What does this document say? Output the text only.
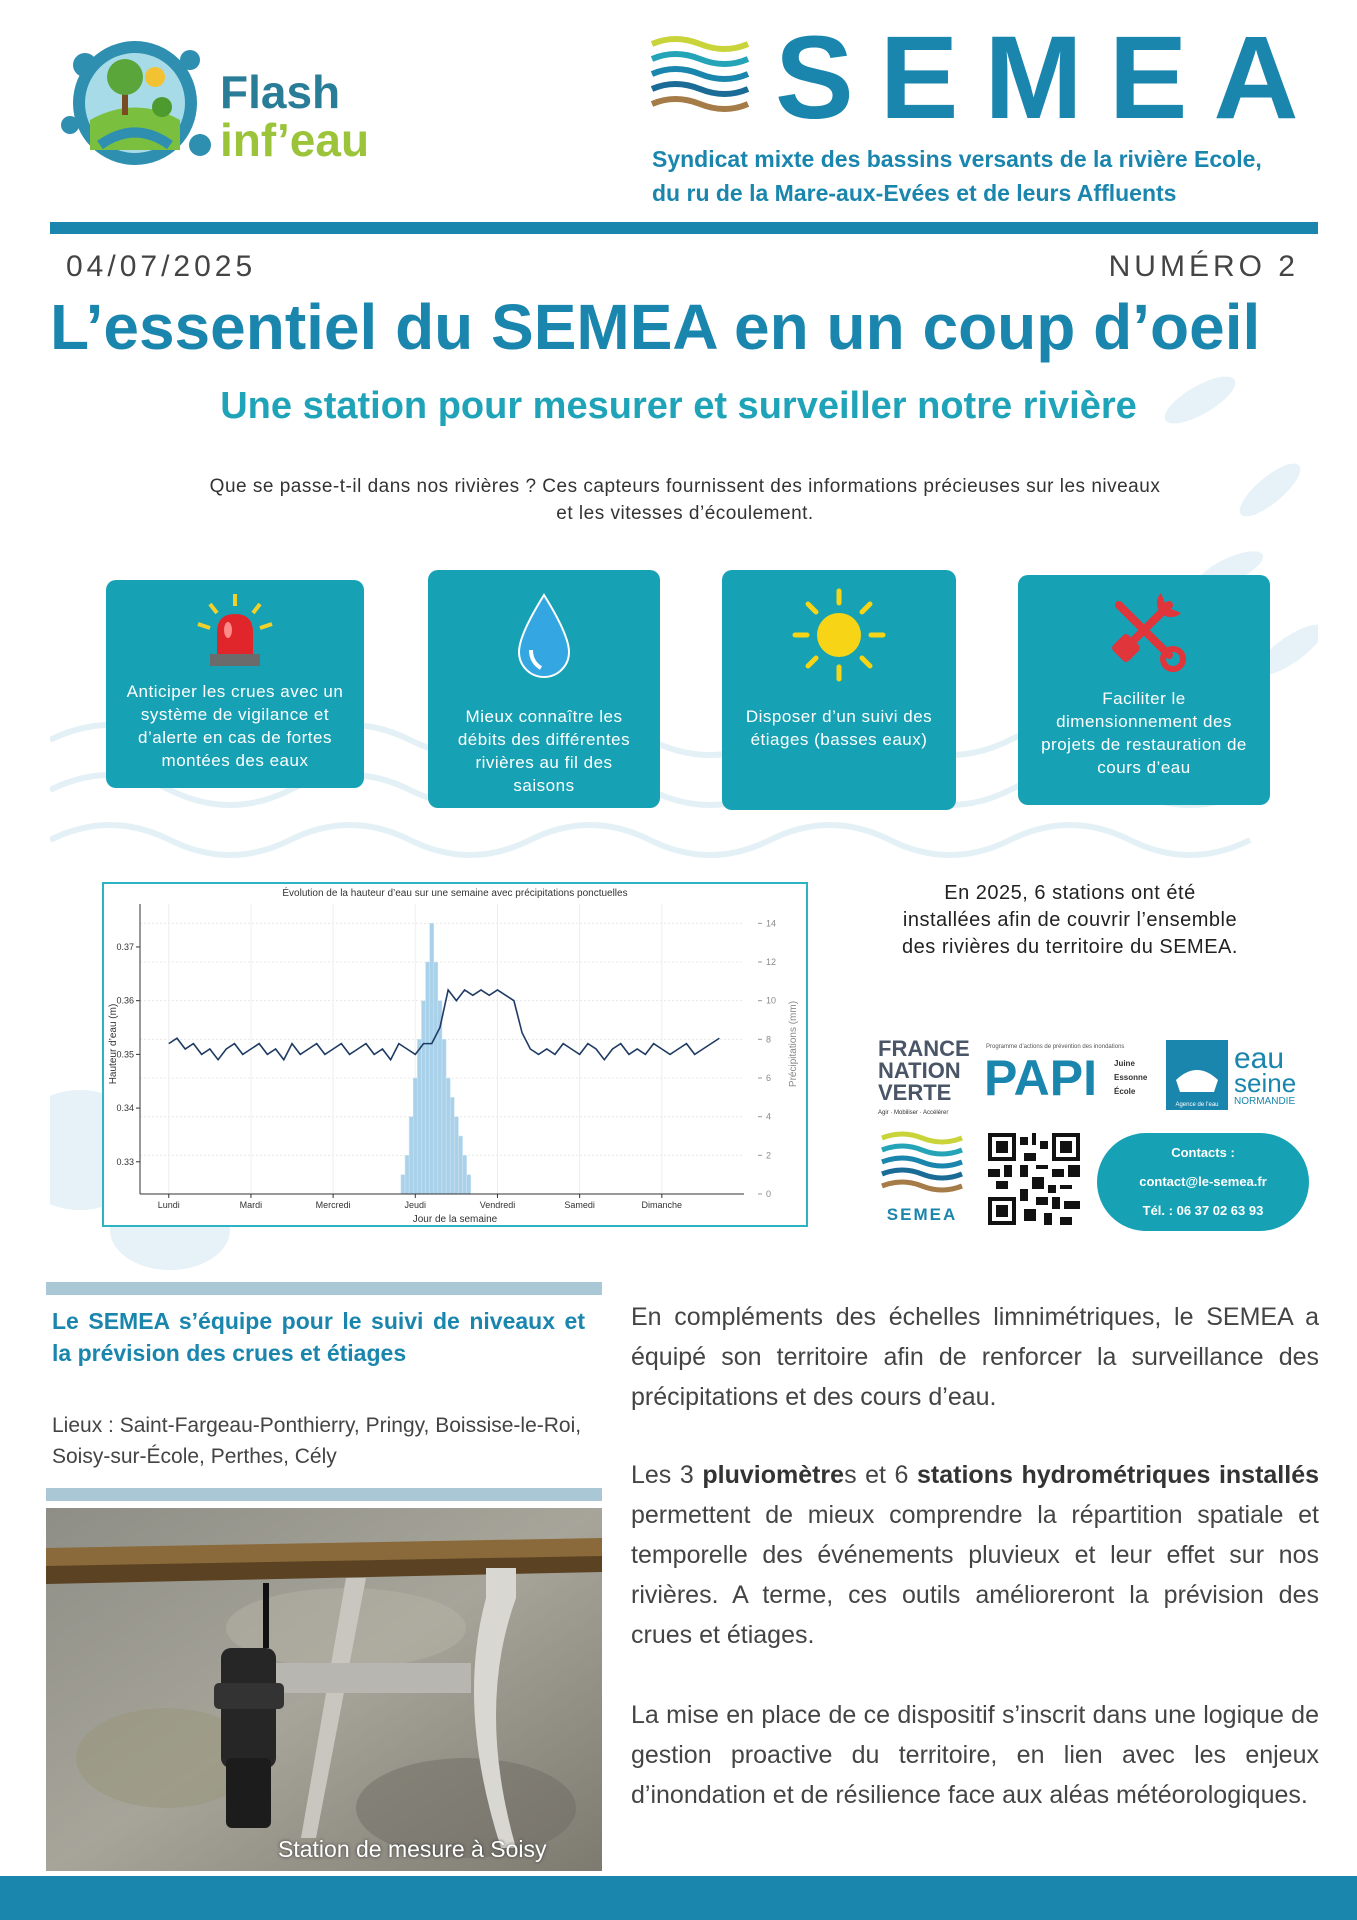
Flash
inf’eau	SEMEA
Syndicat mixte des bassins versants de la rivière Ecole,
du ru de la Mare-aux-Evées et de leurs Affluents
04/07/2025	NUMÉRO 2
L’essentiel du SEMEA en un coup d’oeil
Une station pour mesurer et surveiller notre rivière
Que se passe-t-il dans nos rivières ? Ces capteurs fournissent des informations précieuses sur les niveaux
et les vitesses d’écoulement.
Anticiper les crues avec un système de vigilance et d’alerte en cas de fortes montées des eaux
Mieux connaître les débits des différentes rivières au fil des saisons
Disposer d’un suivi des étiages (basses eaux)
Faciliter le dimensionnement des projets de restauration de cours d’eau
Évolution de la hauteur d’eau sur une semaine avec précipitations ponctuelles
0.33
0.34
0.35
0.36
0.37
0
2
4
6
8
10
12
14
Lundi	Mardi	Mercredi	Jeudi	Vendredi	Samedi	Dimanche
Jour de la semaine
Hauteur d’eau (m)	Précipitations (mm)
En 2025, 6 stations ont été installées afin de couvrir l’ensemble des rivières du territoire du SEMEA.
FRANCE
NATION
VERTE
Agir · Mobiliser · Accélérer
Programme d’actions de prévention des inondations
PAPI Juine
Essonne
École
Agence de l’eau
eau
seine
NORMANDIE
SEMEA
Contacts :
contact@le-semea.fr
Tél. : 06 37 02 63 93
Le SEMEA s’équipe pour le suivi de niveaux et la prévision des crues et étiages
Lieux : Saint-Fargeau-Ponthierry, Pringy, Boissise-le-Roi, Soisy-sur-École, Perthes, Cély
Station de mesure à Soisy
En compléments des échelles limnimétriques, le SEMEA a équipé son territoire afin de renforcer la surveillance des précipitations et des cours d’eau.
Les 3 pluviomètres et 6 stations hydrométriques installés permettent de mieux comprendre la répartition spatiale et temporelle des événements pluvieux et leur effet sur nos rivières. A terme, ces outils amélioreront la prévision des crues et étiages.
La mise en place de ce dispositif s’inscrit dans une logique de gestion proactive du territoire, en lien avec les enjeux d’inondation et de résilience face aux aléas météorologiques.
